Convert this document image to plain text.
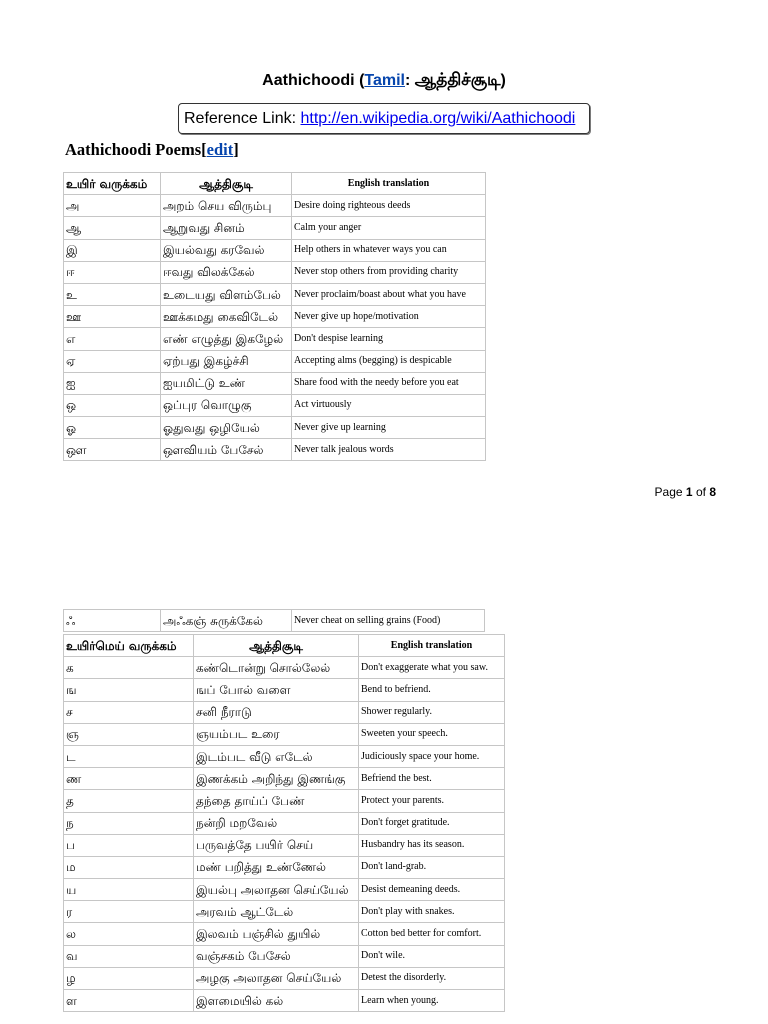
Aathichoodi (Tamil: ஆத்திச்சூடி)
Reference Link: http://en.wikipedia.org/wiki/Aathichoodi
Aathichoodi Poems[edit]
உயிர் வருக்கம்	ஆத்திசூடி	English translation
அ	அறம் செய விரும்பு	Desire doing righteous deeds
ஆ	ஆறுவது சினம்	Calm your anger
இ	இயல்வது கரவேல்	Help others in whatever ways you can
ஈ	ஈவது விலக்கேல்	Never stop others from providing charity
உ	உடையது விளம்பேல்	Never proclaim/boast about what you have
ஊ	ஊக்கமது கைவிடேல்	Never give up hope/motivation
எ	எண் எழுத்து இகழேல்	Don't despise learning
ஏ	ஏற்பது இகழ்ச்சி	Accepting alms (begging) is despicable
ஐ	ஐயமிட்டு உண்	Share food with the needy before you eat
ஒ	ஒப்புர வொழுகு	Act virtuously
ஓ	ஓதுவது ஒழியேல்	Never give up learning
ஔ	ஔவியம் பேசேல்	Never talk jealous words
Page 1 of 8
ஃ	அஃகஞ் சுருக்கேல்	Never cheat on selling grains (Food)
உயிர்மெய் வருக்கம்	ஆத்திசூடி	English translation
க	கண்டொன்று சொல்லேல்	Don't exaggerate what you saw.
ங	ஙப் போல் வளை	Bend to befriend.
ச	சனி நீராடு	Shower regularly.
ஞ	ஞயம்பட உரை	Sweeten your speech.
ட	இடம்பட வீடு எடேல்	Judiciously space your home.
ண	இணக்கம் அறிந்து இணங்கு	Befriend the best.
த	தந்தை தாய்ப் பேண்	Protect your parents.
ந	நன்றி மறவேல்	Don't forget gratitude.
ப	பருவத்தே பயிர் செய்	Husbandry has its season.
ம	மண் பறித்து உண்ணேல்	Don't land-grab.
ய	இயல்பு அலாதன செய்யேல்	Desist demeaning deeds.
ர	அரவம் ஆட்டேல்	Don't play with snakes.
ல	இலவம் பஞ்சில் துயில்	Cotton bed better for comfort.
வ	வஞ்சகம் பேசேல்	Don't wile.
ழ	அழகு அலாதன செய்யேல்	Detest the disorderly.
ள	இளமையில் கல்	Learn when young.
